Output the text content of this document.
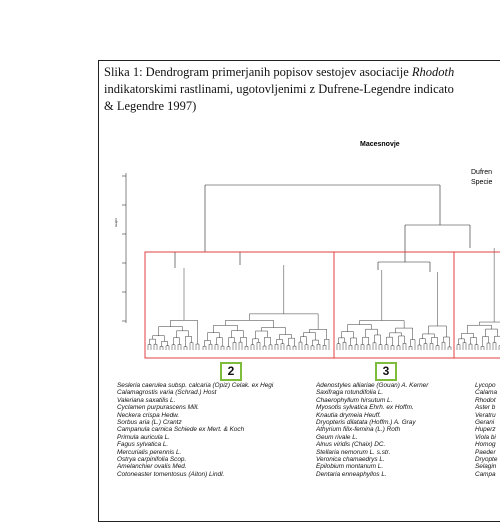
Slika 1: Dendrogram primerjanih popisov sestojev asociacije Rhodoth
indikatorskimi rastlinami, ugotovljenimi z Dufrene-Legendre indicato
& Legendre 1997)
Macesnovje
Dufren
Specie
Height
2	3
Sesleria caerulea subsp. calcaria (Opiz) Čelak. ex Hegi
Calamagrostis varia (Schrad.) Host
Valeriana saxatilis L.
Cyclamen purpurascens Mill.
Neckera crispa Hedw.
Sorbus aria (L.) Crantz
Campanula carnica Schiede ex Mert. & Koch
Primula auricula L.
Fagus sylvatica L.
Mercurialis perennis L.
Ostrya carpinifolia Scop.
Amelanchier ovalis Med.
Cotoneaster tomentosus (Aiton) Lindl.
Adenostyles alliariae (Gouan) A. Kerner
Saxifraga rotundifolia L.
Chaerophyllum hirsutum L.
Myosotis sylvatica Ehrh. ex Hoffm.
Knautia drymeia Heuff.
Dryopteris dilatata (Hoffm.) A. Gray
Athyrium filix-femina (L.) Roth
Geum rivale L.
Alnus viridis (Chaix) DC.
Stellaria nemorum L. s.str.
Veronica chamaedrys L.
Epilobium montanum L.
Dentaria enneaphyllos L.
Lycopo
Calama
Rhodot
Aster b
Veratru
Gerani
Huperz
Viola bi
Homog
Paeder
Dryopte
Selagin
Campa
